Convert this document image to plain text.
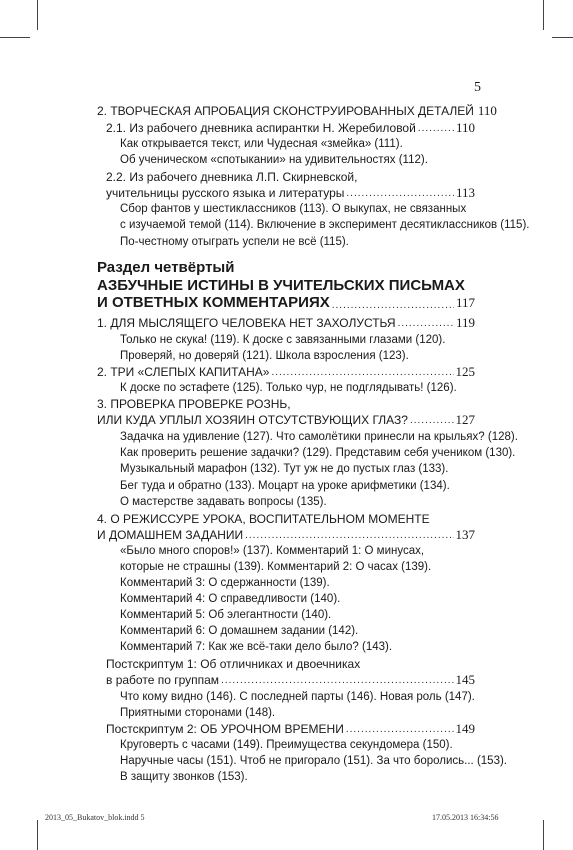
5
2. ТВОРЧЕСКАЯ АПРОБАЦИЯ СКОНСТРУИРОВАННЫХ ДЕТАЛЕЙ 110
2.1. Из рабочего дневника аспирантки Н. Жеребиловой .....	110
Как открывается текст, или Чудесная «змейка» (111).
Об ученическом «спотыкании» на удивительностях (112).
2.2. Из рабочего дневника Л.П. Скирневской,
учительницы русского языка и литературы .....	113
Сбор фантов у шестиклассников (113). О выкупах, не связанных
с изучаемой темой (114). Включение в эксперимент десятиклассников (115).
По-честному отыграть успели не всё (115).
Раздел четвёртый
АЗБУЧНЫЕ ИСТИНЫ В УЧИТЕЛЬСКИХ ПИСЬМАХ
И ОТВЕТНЫХ КОММЕНТАРИЯХ .....	117
1. ДЛЯ МЫСЛЯЩЕГО ЧЕЛОВЕКА НЕТ ЗАХОЛУСТЬЯ .....	119
Только не скука! (119). К доске с завязанными глазами (120).
Проверяй, но доверяй (121). Школа взросления (123).
2. ТРИ «СЛЕПЫХ КАПИТАНА» .....	125
К доске по эстафете (125). Только чур, не подглядывать! (126).
3. ПРОВЕРКА ПРОВЕРКЕ РОЗНЬ,
ИЛИ КУДА УПЛЫЛ ХОЗЯИН ОТСУТСТВУЮЩИХ ГЛАЗ? .....	127
Задачка на удивление (127). Что самолётики принесли на крыльях? (128).
Как проверить решение задачки? (129). Представим себя учеником (130).
Музыкальный марафон (132). Тут уж не до пустых глаз (133).
Бег туда и обратно (133). Моцарт на уроке арифметики (134).
О мастерстве задавать вопросы (135).
4. О РЕЖИССУРЕ УРОКА, ВОСПИТАТЕЛЬНОМ МОМЕНТЕ
И ДОМАШНЕМ ЗАДАНИИ .....	137
«Было много споров!» (137). Комментарий 1: О минусах,
которые не страшны (139). Комментарий 2: О часах (139).
Комментарий 3: О сдержанности (139).
Комментарий 4: О справедливости (140).
Комментарий 5: Об элегантности (140).
Комментарий 6: О домашнем задании (142).
Комментарий 7: Как же всё-таки дело было? (143).
Постскриптум 1: Об отличниках и двоечниках
в работе по группам .....	145
Что кому видно (146). С последней парты (146). Новая роль (147).
Приятными сторонами (148).
Постскриптум 2: ОБ УРОЧНОМ ВРЕМЕНИ .....	149
Круговерть с часами (149). Преимущества секундомера (150).
Наручные часы (151). Чтоб не пригорало (151). За что боролись... (153).
В защиту звонков (153).
2013_05_Bukatov_blok.indd 5	17.05.2013 16:34:56
